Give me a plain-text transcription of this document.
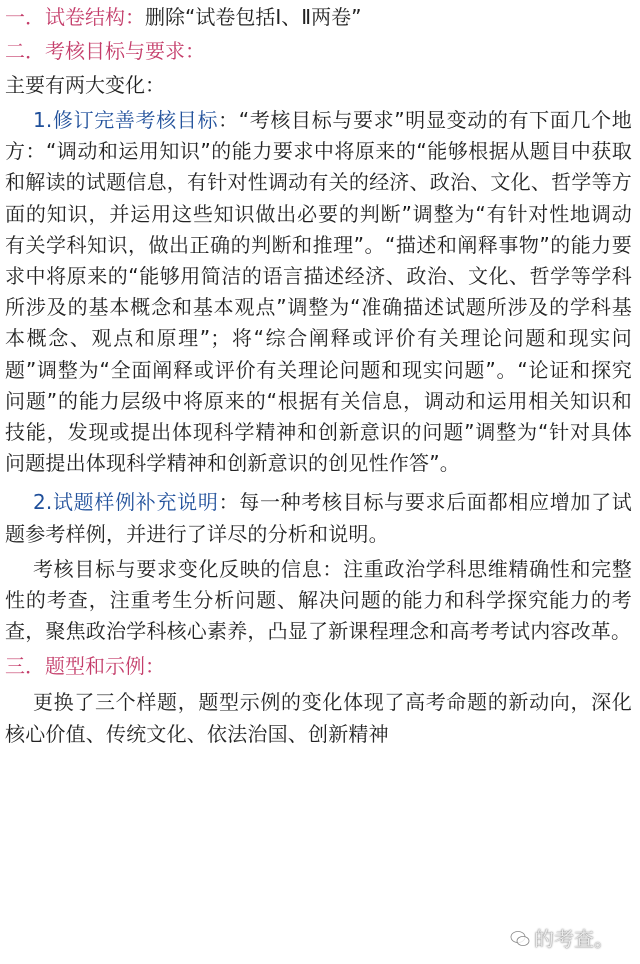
一．试卷结构：删除“试卷包括Ⅰ、Ⅱ两卷”
二．考核目标与要求：
主要有两大变化：

1.修订完善考核目标：“考核目标与要求”明显变动的有下面几个地方：“调动和运用知识”的能力要求中将原来的“能够根据从题目中获取和解读的试题信息，有针对性调动有关的经济、政治、文化、哲学等方面的知识，并运用这些知识做出必要的判断”调整为“有针对性地调动有关学科知识，做出正确的判断和推理”。“描述和阐释事物”的能力要求中将原来的“能够用简洁的语言描述经济、政治、文化、哲学等学科所涉及的基本概念和基本观点”调整为“准确描述试题所涉及的学科基本概念、观点和原理”；将“综合阐释或评价有关理论问题和现实问题”调整为“全面阐释或评价有关理论问题和现实问题”。“论证和探究问题”的能力层级中将原来的“根据有关信息，调动和运用相关知识和技能，发现或提出体现科学精神和创新意识的问题”调整为“针对具体问题提出体现科学精神和创新意识的创见性作答”。

2.试题样例补充说明：每一种考核目标与要求后面都相应增加了试题参考样例，并进行了详尽的分析和说明。

考核目标与要求变化反映的信息：注重政治学科思维精确性和完整性的考查，注重考生分析问题、解决问题的能力和科学探究能力的考查，聚焦政治学科核心素养，凸显了新课程理念和高考考试内容改革。

三．题型和示例：

更换了三个样题，题型示例的变化体现了高考命题的新动向，深化核心价值、传统文化、依法治国、创新精神

的考查。
